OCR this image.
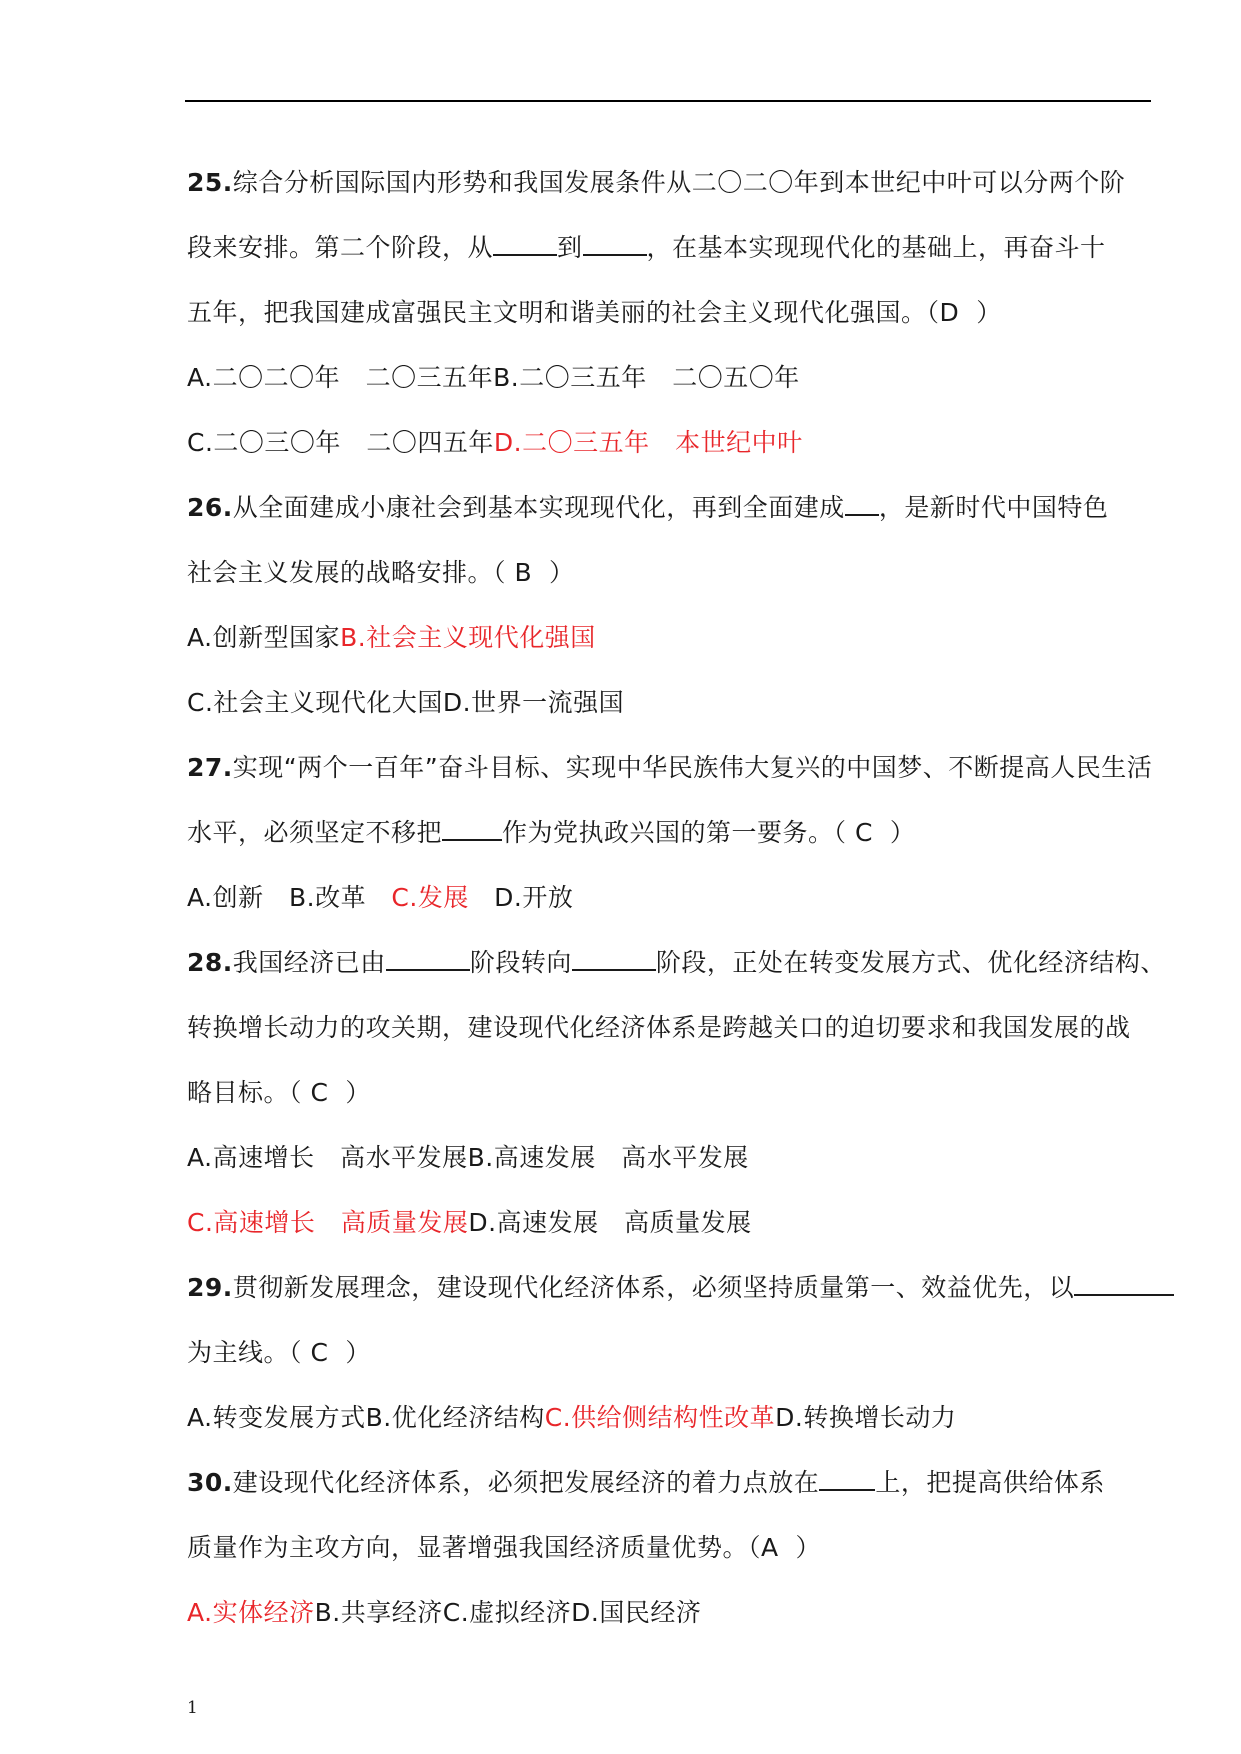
25.综合分析国际国内形势和我国发展条件从二〇二〇年到本世纪中叶可以分两个阶
段来安排。第二个阶段，从	到	，在基本实现现代化的基础上，再奋斗十
五年，把我国建成富强民主文明和谐美丽的社会主义现代化强国。（D ）
A.二〇二〇年　二〇三五年B.二〇三五年　二〇五〇年
C.二〇三〇年　二〇四五年D.二〇三五年　本世纪中叶
26.从全面建成小康社会到基本实现现代化，再到全面建成 ，是新时代中国特色
社会主义发展的战略安排。（ B ）
A.创新型国家B.社会主义现代化强国
C.社会主义现代化大国D.世界一流强国
27.实现“两个一百年”奋斗目标、实现中华民族伟大复兴的中国梦、不断提高人民生活
水平，必须坚定不移把 作为党执政兴国的第一要务。（ C ）
A.创新 B.改革 C.发展 D.开放
28.我国经济已由	阶段转向	阶段，正处在转变发展方式、优化经济结构、
转换增长动力的攻关期，建设现代化经济体系是跨越关口的迫切要求和我国发展的战
略目标。（ C ）
A.高速增长　高水平发展B.高速发展　高水平发展
C.高速增长　高质量发展D.高速发展　高质量发展
29.贯彻新发展理念，建设现代化经济体系，必须坚持质量第一、效益优先，以
为主线。（ C ）
A.转变发展方式B.优化经济结构C.供给侧结构性改革D.转换增长动力
30.建设现代化经济体系，必须把发展经济的着力点放在 上，把提高供给体系
质量作为主攻方向，显著增强我国经济质量优势。（A ）
A.实体经济B.共享经济C.虚拟经济D.国民经济
1
